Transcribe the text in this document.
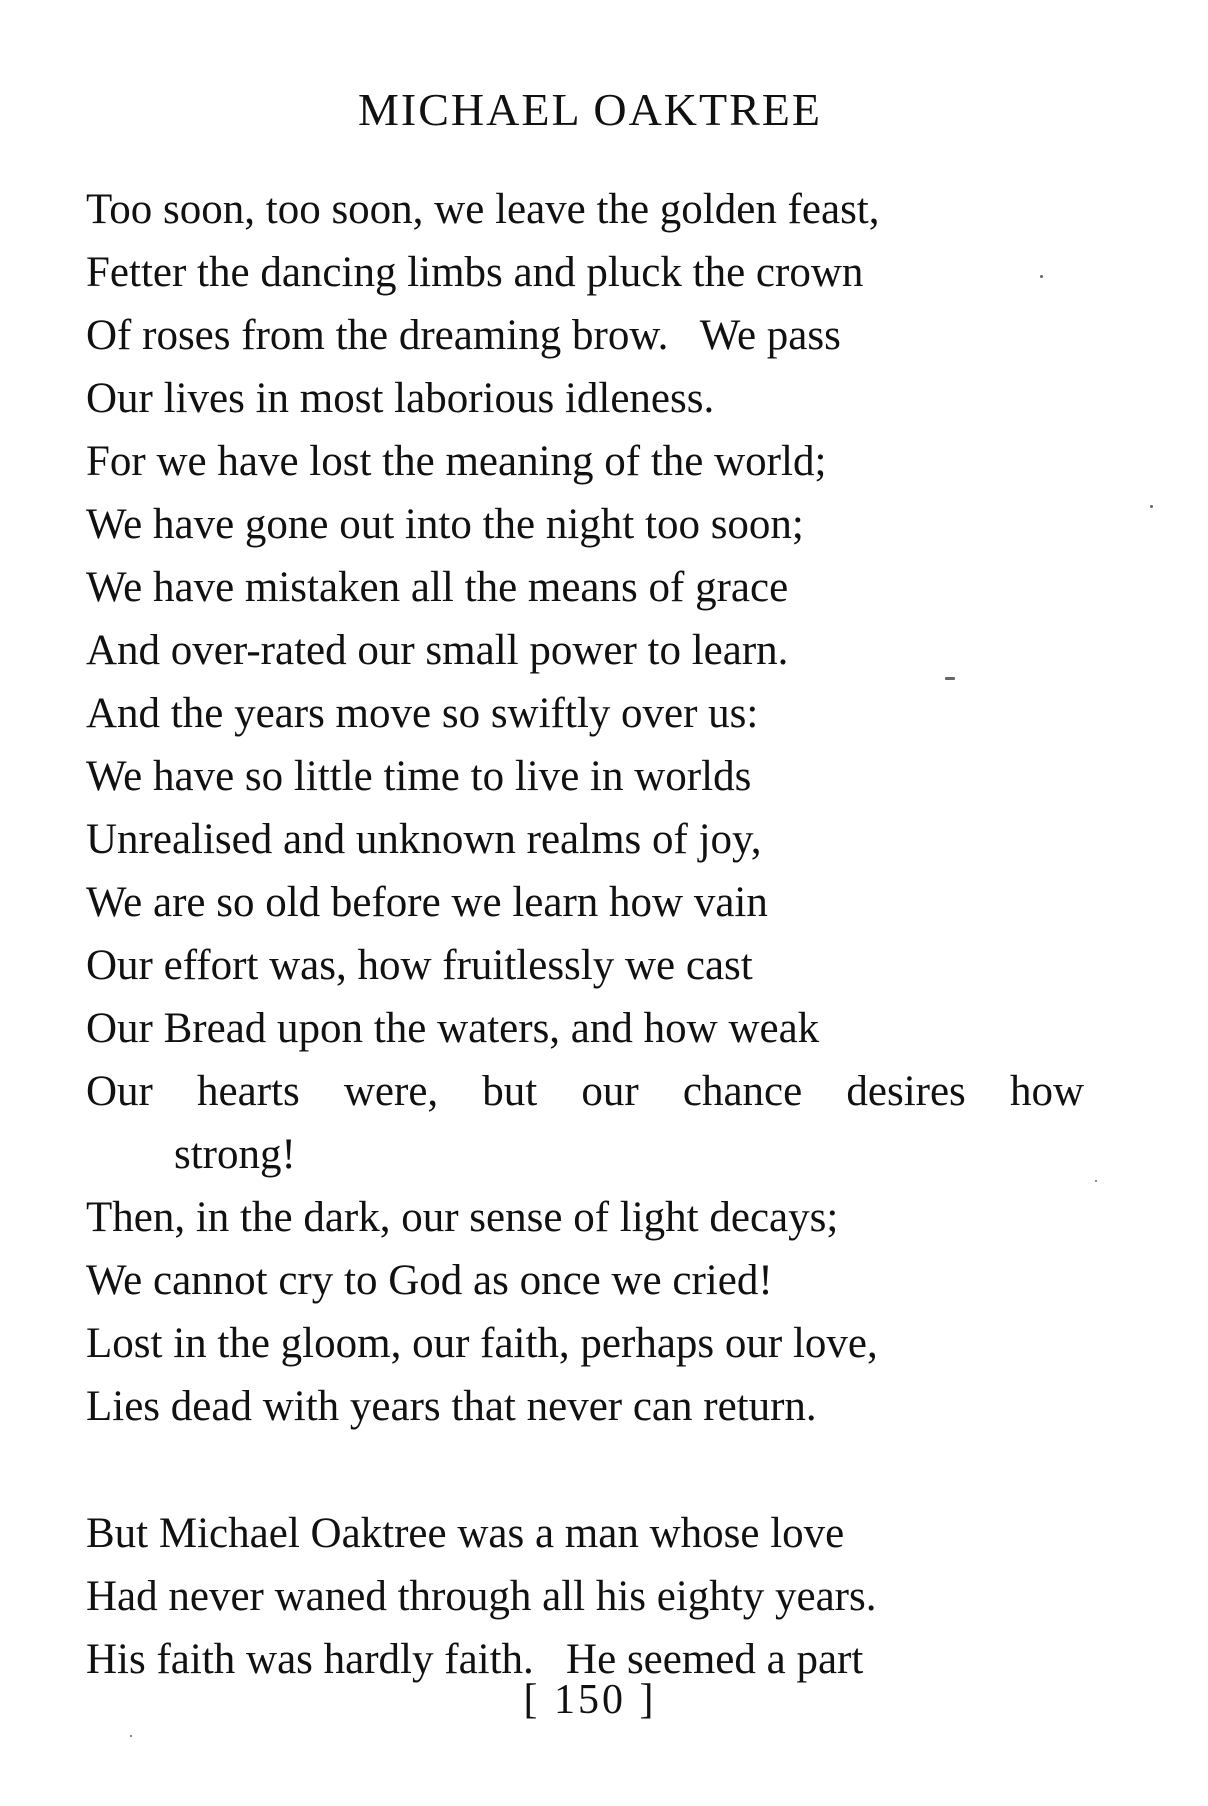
MICHAEL OAKTREE
Too soon, too soon, we leave the golden feast,
Fetter the dancing limbs and pluck the crown
Of roses from the dreaming brow.   We pass
Our lives in most laborious idleness.
For we have lost the meaning of the world;
We have gone out into the night too soon;
We have mistaken all the means of grace
And over-rated our small power to learn.
And the years move so swiftly over us:
We have so little time to live in worlds
Unrealised and unknown realms of joy,
We are so old before we learn how vain
Our effort was, how fruitlessly we cast
Our Bread upon the waters, and how weak
Our hearts were, but our chance desires how
strong!
Then, in the dark, our sense of light decays;
We cannot cry to God as once we cried!
Lost in the gloom, our faith, perhaps our love,
Lies dead with years that never can return.
But Michael Oaktree was a man whose love
Had never waned through all his eighty years.
His faith was hardly faith.   He seemed a part
[ 150 ]
